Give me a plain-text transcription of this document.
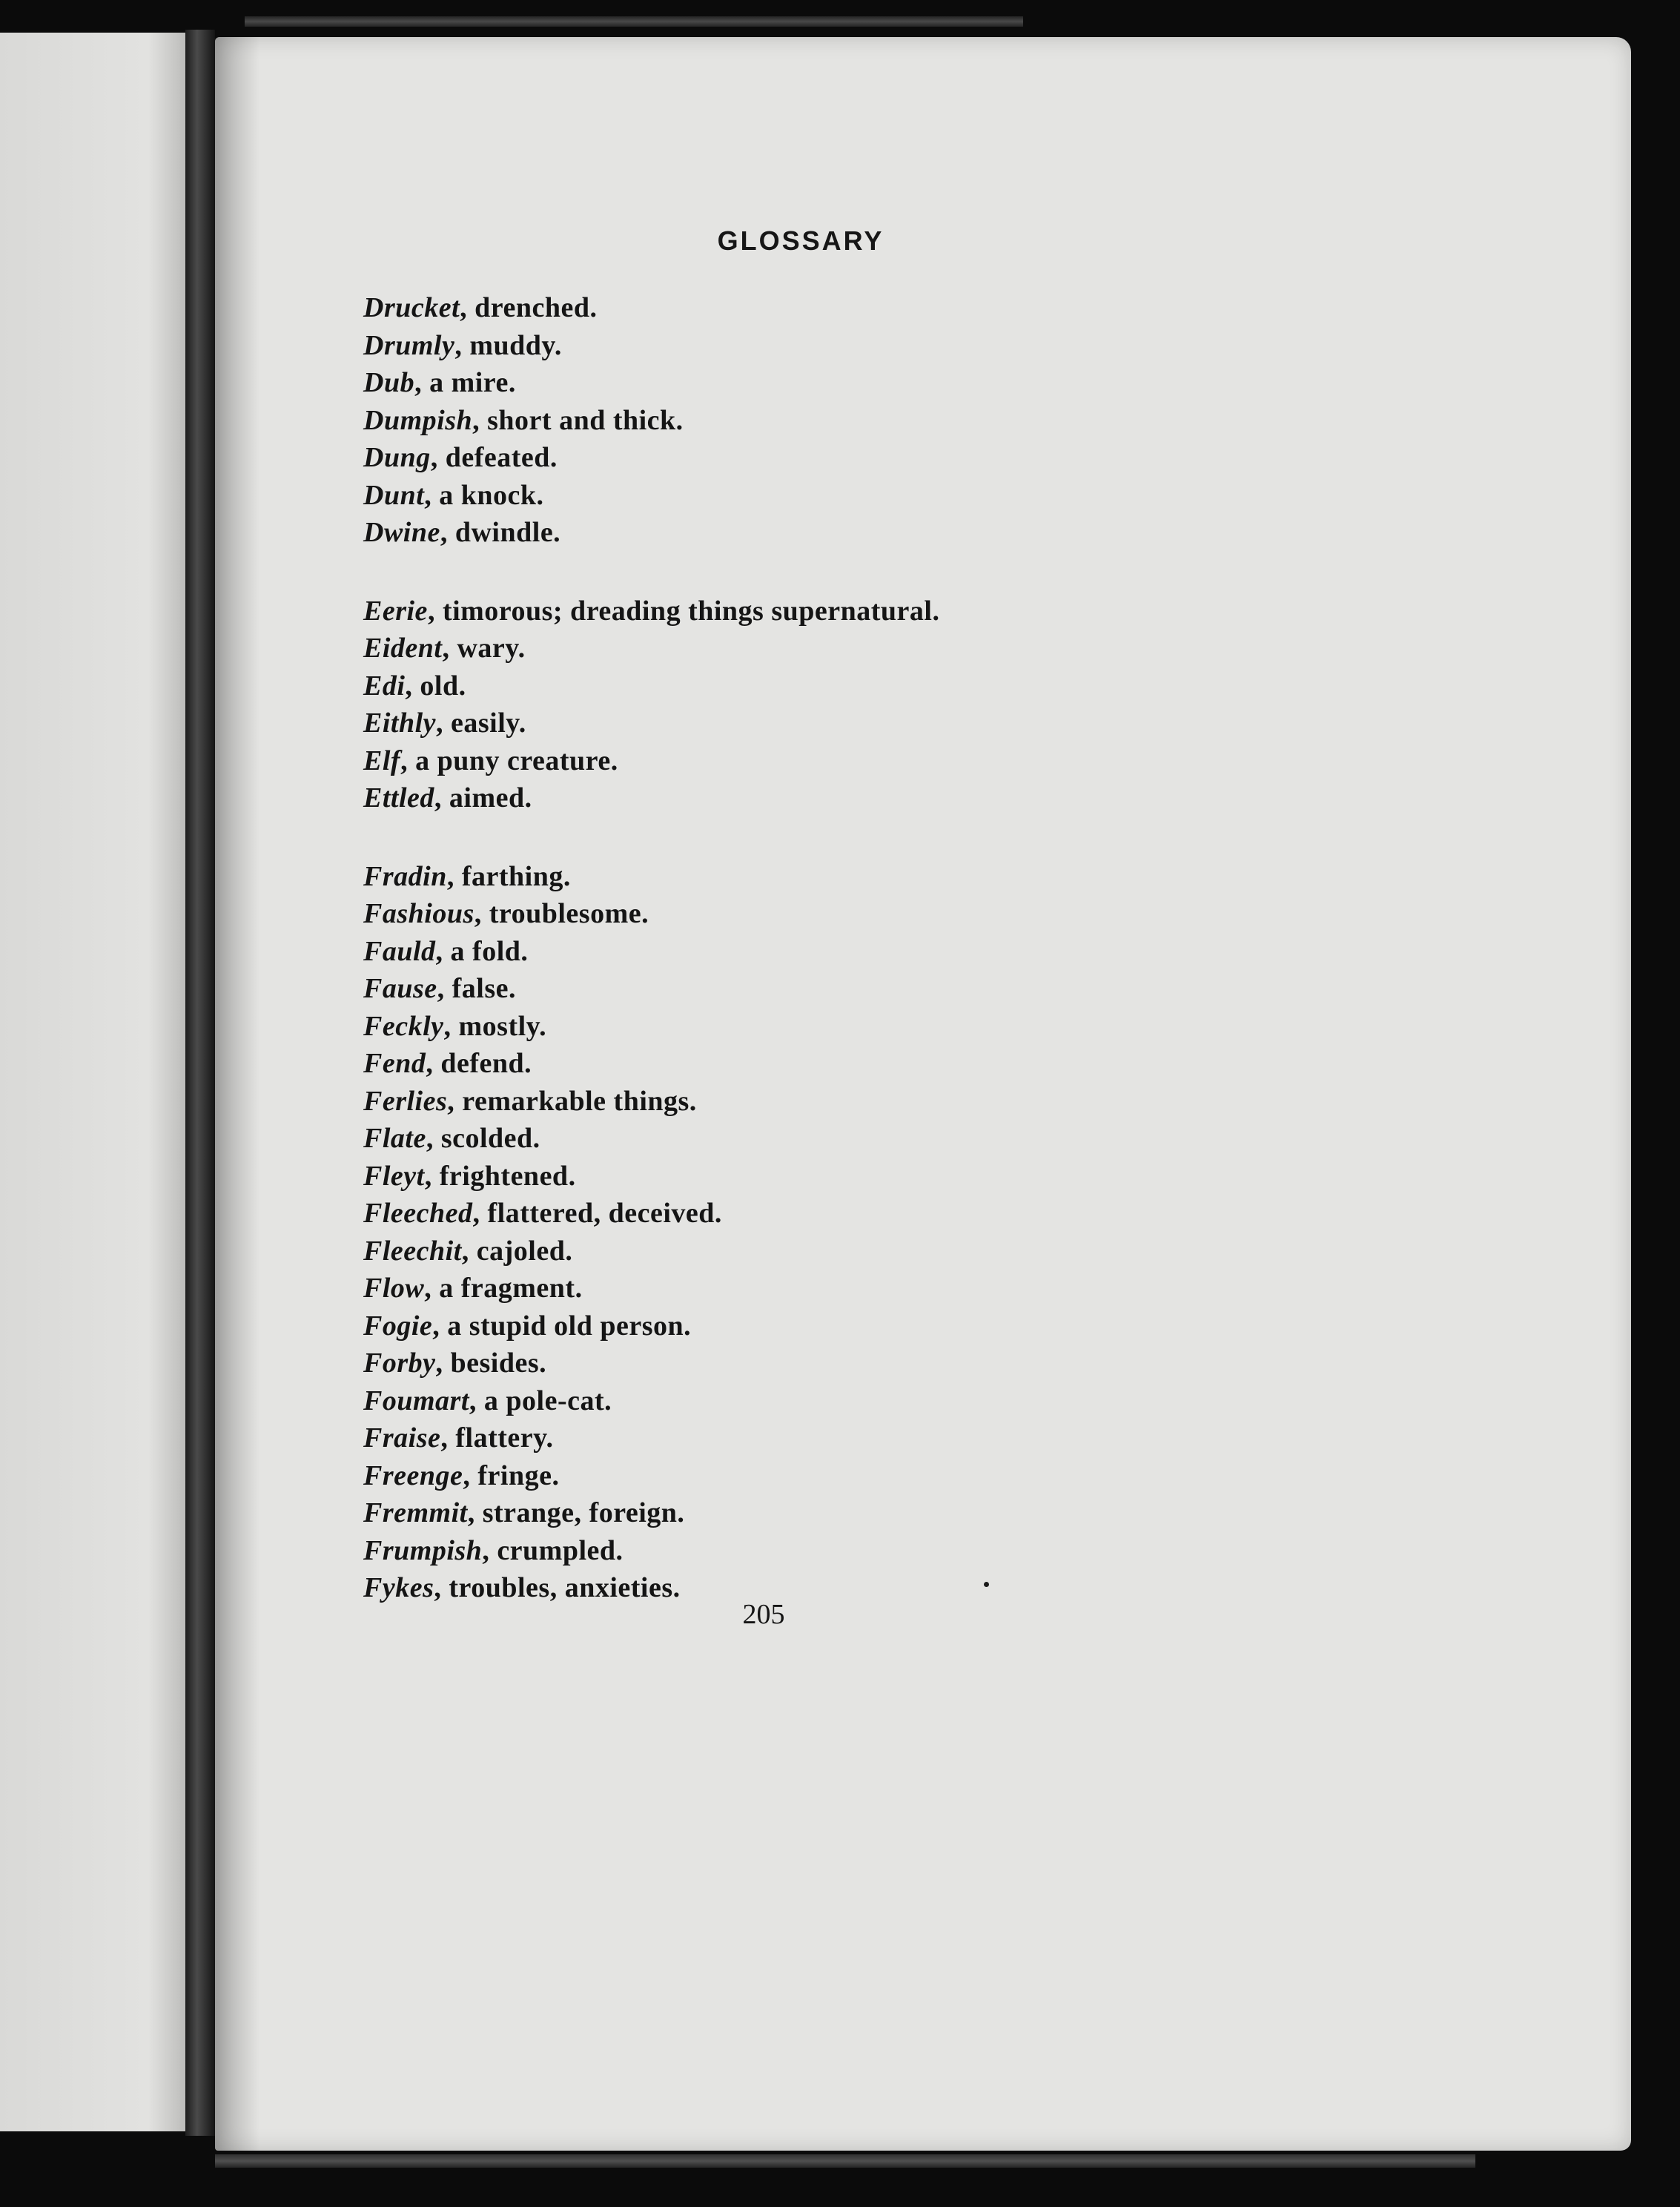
GLOSSARY
Drucket, drenched.
Drumly, muddy.
Dub, a mire.
Dumpish, short and thick.
Dung, defeated.
Dunt, a knock.
Dwine, dwindle.
Eerie, timorous; dreading things supernatural.
Eident, wary.
Edi, old.
Eithly, easily.
Elf, a puny creature.
Ettled, aimed.
Fradin, farthing.
Fashious, troublesome.
Fauld, a fold.
Fause, false.
Feckly, mostly.
Fend, defend.
Ferlies, remarkable things.
Flate, scolded.
Fleyt, frightened.
Fleeched, flattered, deceived.
Fleechit, cajoled.
Flow, a fragment.
Fogie, a stupid old person.
Forby, besides.
Foumart, a pole-cat.
Fraise, flattery.
Freenge, fringe.
Fremmit, strange, foreign.
Frumpish, crumpled.
Fykes, troubles, anxieties.
205
